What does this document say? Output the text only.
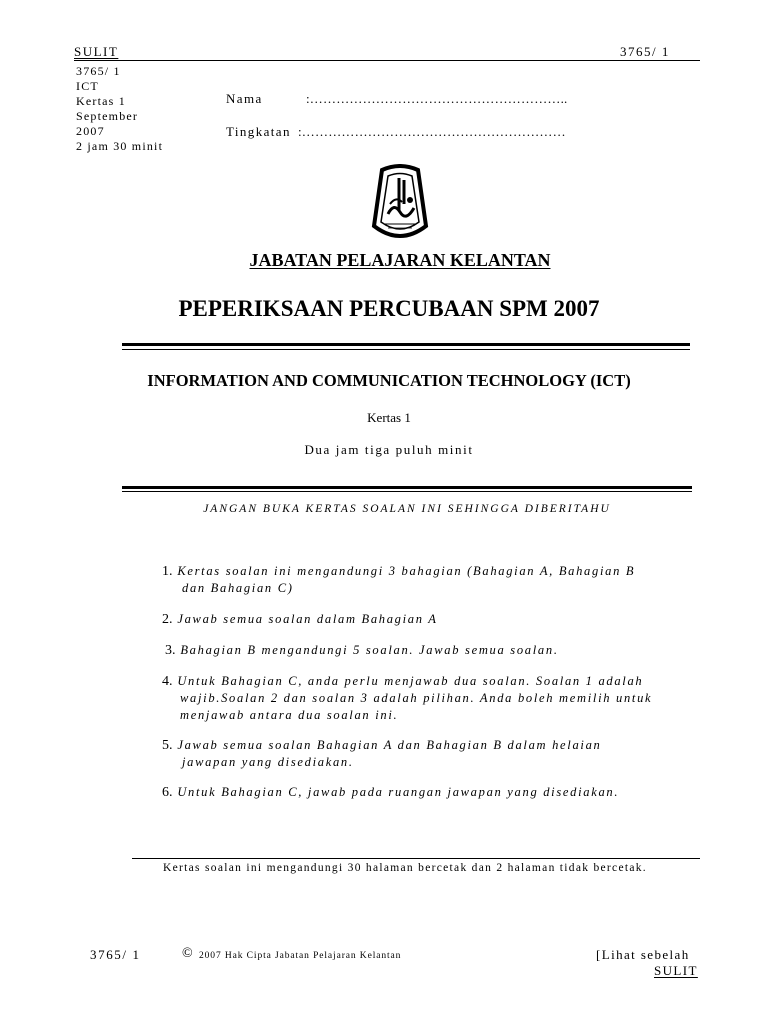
SULIT	3765/ 1
3765/ 1
ICT
Kertas 1
September
2007
2 jam 30 minit
Nama	:…………………………………………………..
Tingkatan :……………………………………………………
JABATAN PELAJARAN KELANTAN
PEPERIKSAAN PERCUBAAN SPM 2007
INFORMATION AND COMMUNICATION TECHNOLOGY (ICT)
Kertas 1
Dua jam tiga puluh minit
JANGAN BUKA KERTAS SOALAN INI SEHINGGA DIBERITAHU
1. Kertas soalan ini mengandungi 3 bahagian (Bahagian A, Bahagian B
dan Bahagian C)
2. Jawab semua soalan dalam Bahagian A
3. Bahagian B mengandungi 5 soalan. Jawab semua soalan.
4. Untuk Bahagian C, anda perlu menjawab dua soalan. Soalan 1 adalah
wajib.Soalan 2 dan soalan 3 adalah pilihan. Anda boleh memilih untuk
menjawab antara dua soalan ini.
5. Jawab semua soalan Bahagian A dan Bahagian B dalam helaian
jawapan yang disediakan.
6. Untuk Bahagian C, jawab pada ruangan jawapan yang disediakan.
Kertas soalan ini mengandungi 30 halaman bercetak dan 2 halaman tidak bercetak.
3765/ 1	© 2007 Hak Cipta Jabatan Pelajaran Kelantan	[Lihat sebelah
SULIT
